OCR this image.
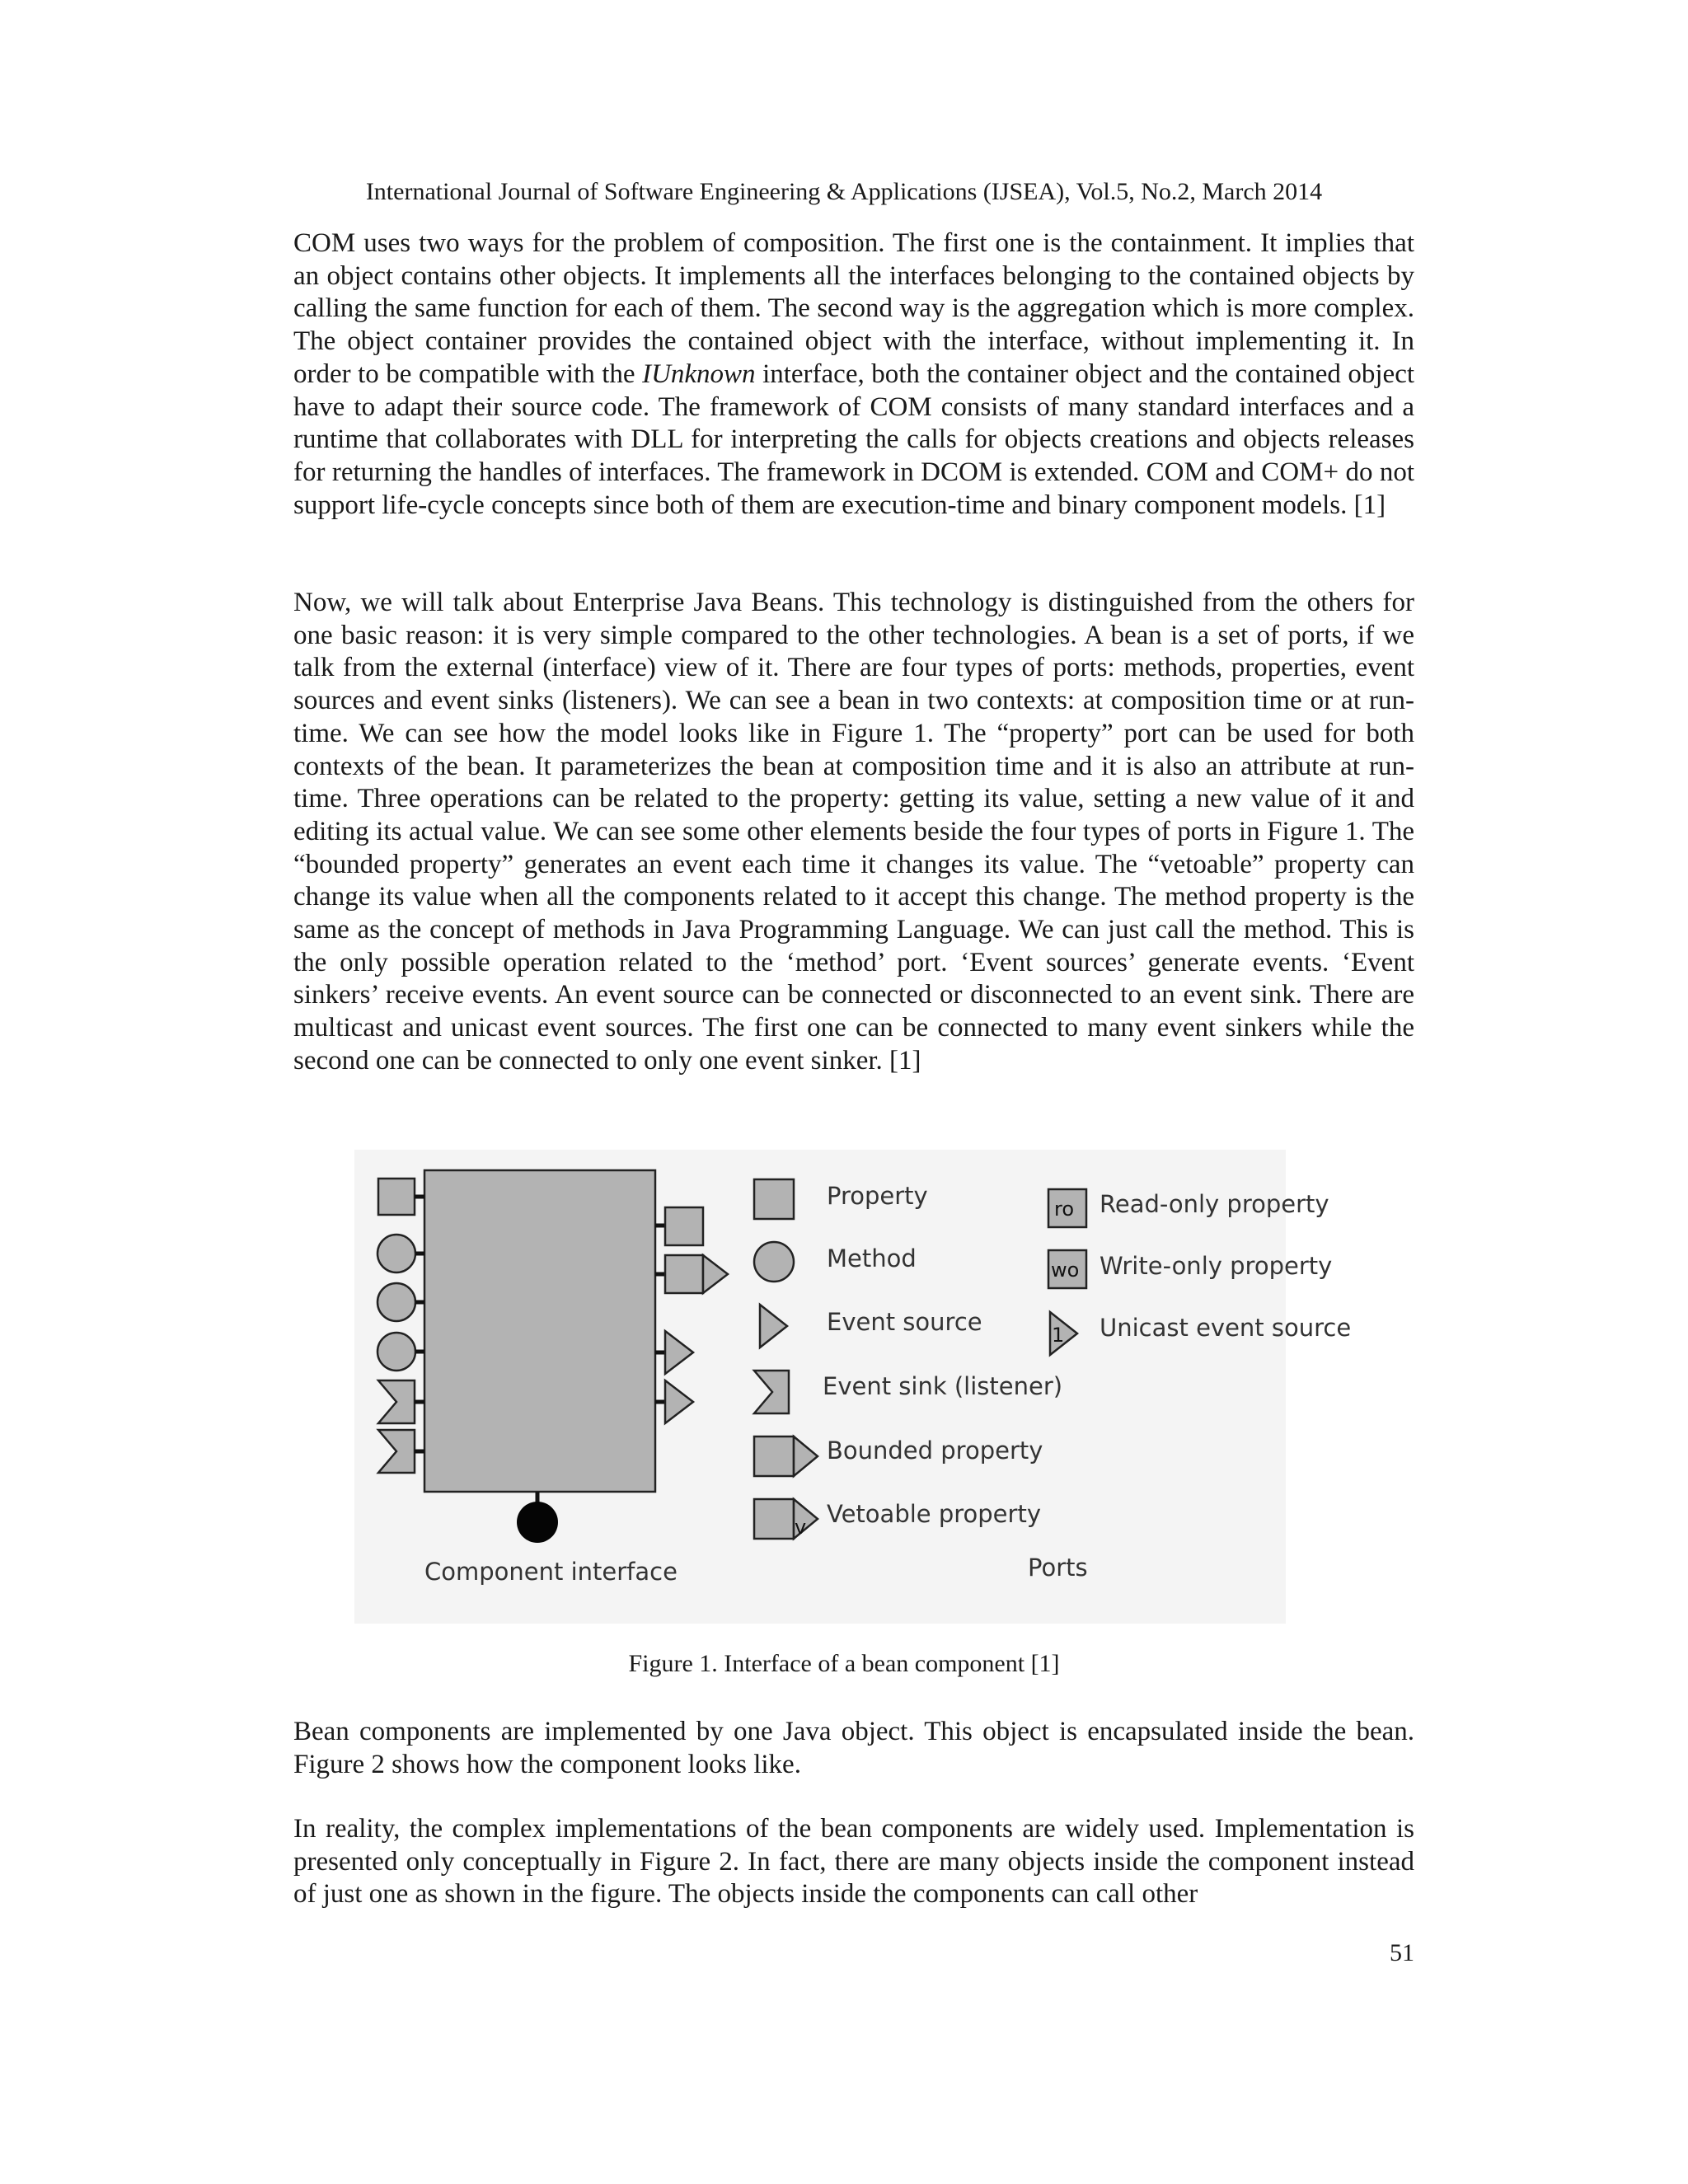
International Journal of Software Engineering & Applications (IJSEA), Vol.5, No.2, March 2014

COM uses two ways for the problem of composition. The first one is the containment. It implies that an object contains other objects. It implements all the interfaces belonging to the contained objects by calling the same function for each of them. The second way is the aggregation which is more complex. The object container provides the contained object with the interface, without implementing it. In order to be compatible with the IUnknown interface, both the container object and the contained object have to adapt their source code. The framework of COM consists of many standard interfaces and a runtime that collaborates with DLL for interpreting the calls for objects creations and objects releases for returning the handles of interfaces. The framework in DCOM is extended. COM and COM+ do not support life-cycle concepts since both of them are execution-time and binary component models. [1]

Now, we will talk about Enterprise Java Beans. This technology is distinguished from the others for one basic reason: it is very simple compared to the other technologies. A bean is a set of ports, if we talk from the external (interface) view of it. There are four types of ports: methods, properties, event sources and event sinks (listeners). We can see a bean in two contexts: at composition time or at run-time. We can see how the model looks like in Figure 1. The “property” port can be used for both contexts of the bean. It parameterizes the bean at composition time and it is also an attribute at run-time. Three operations can be related to the property: getting its value, setting a new value of it and editing its actual value. We can see some other elements beside the four types of ports in Figure 1. The “bounded property” generates an event each time it changes its value. The “vetoable” property can change its value when all the components related to it accept this change. The method property is the same as the concept of methods in Java Programming Language. We can just call the method. This is the only possible operation related to the ‘method’ port. ‘Event sources’ generate events. ‘Event sinkers’ receive events. An event source can be connected or disconnected to an event sink. There are multicast and unicast event sources. The first one can be connected to many event sinkers while the second one can be connected to only one event sinker. [1]

Component interface
Property
Method
Event source
Event sink (listener)
Bounded property
v Vetoable property
ro Read-only property
wo Write-only property
1 Unicast event source
Ports
Figure 1. Interface of a bean component [1]

Bean components are implemented by one Java object. This object is encapsulated inside the bean. Figure 2 shows how the component looks like.

In reality, the complex implementations of the bean components are widely used. Implementation is presented only conceptually in Figure 2. In fact, there are many objects inside the component instead of just one as shown in the figure. The objects inside the components can call other

51
